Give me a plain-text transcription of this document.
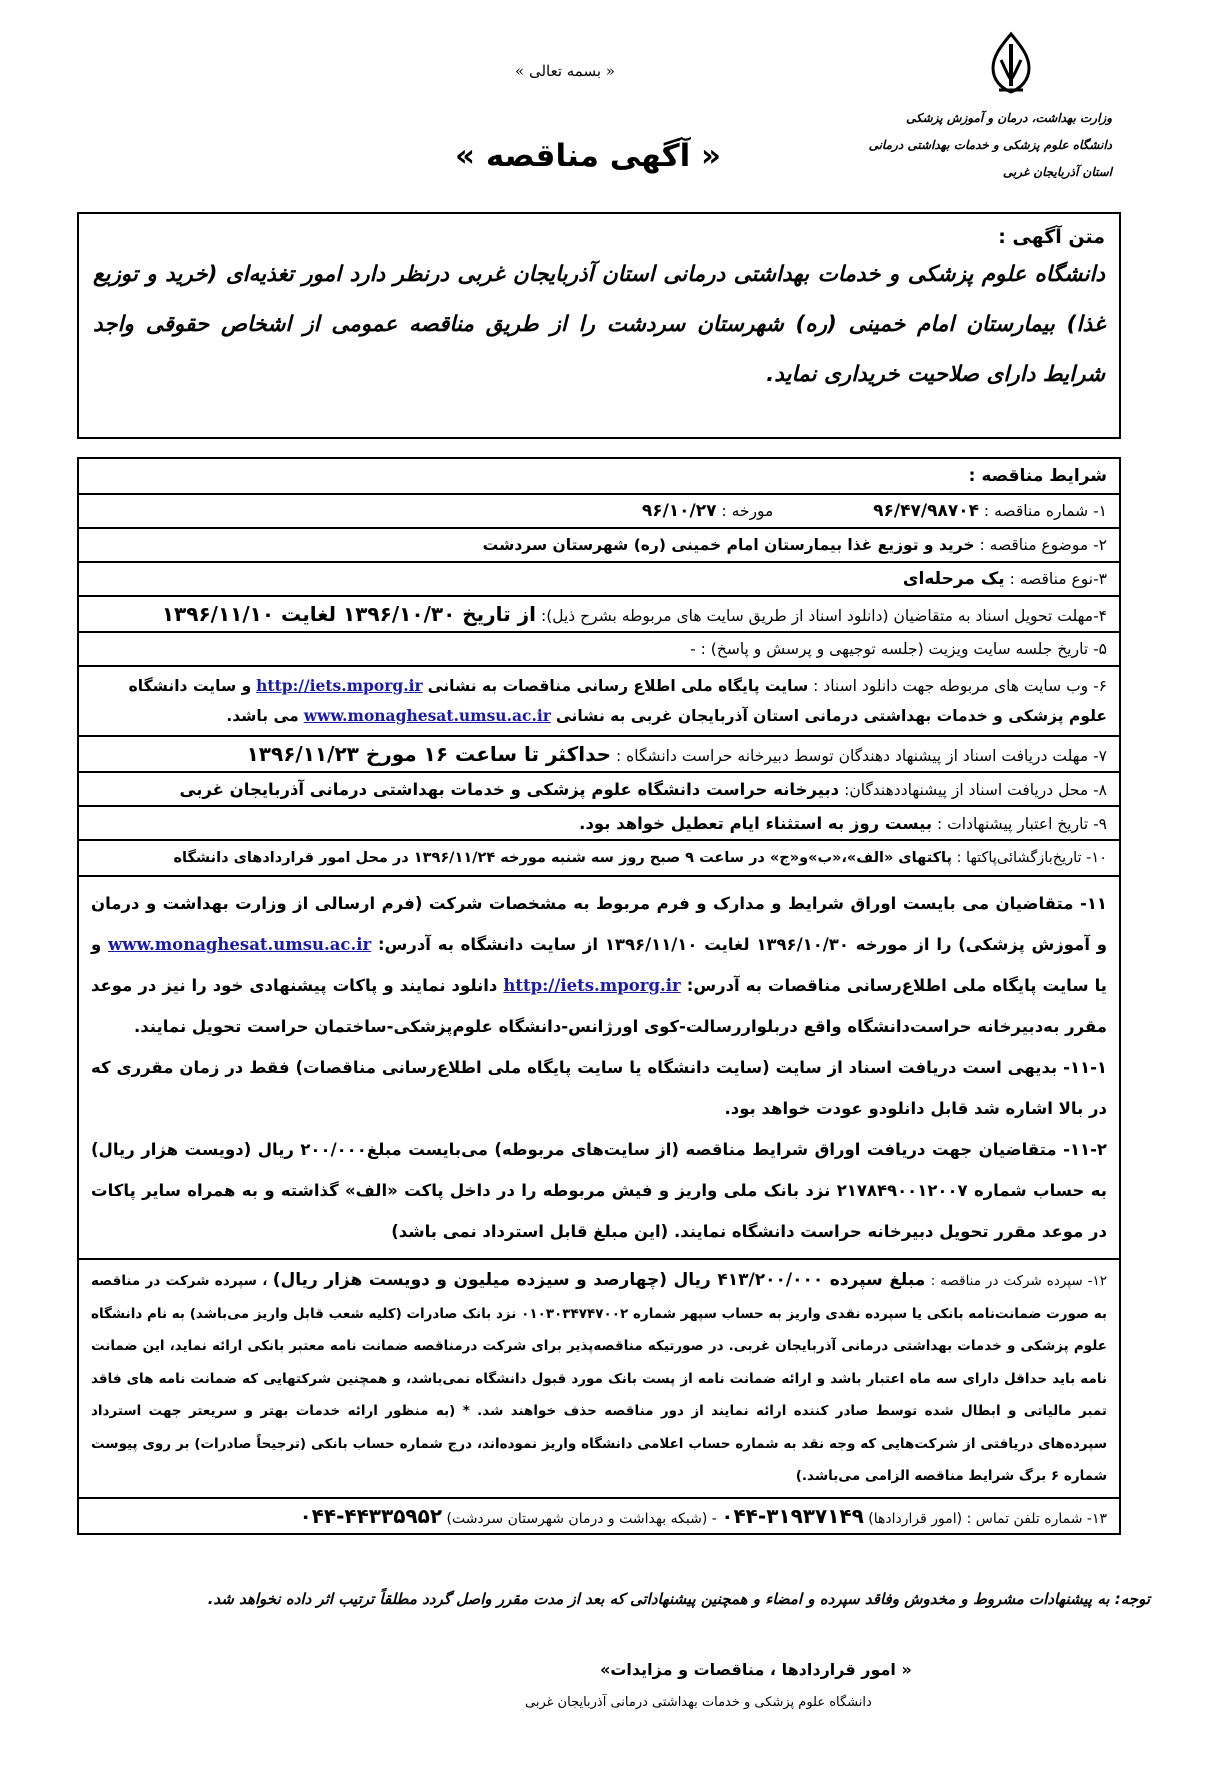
« بسمه تعالی »
وزارت بهداشت، درمان و آموزش پزشکی
دانشگاه علوم پزشکی و خدمات بهداشتی درمانی
استان آذربایجان غربی
« آگهی مناقصه »
متن آگهی :
دانشگاه علوم پزشکی و خدمات بهداشتی درمانی استان آذربایجان غربی درنظر دارد امور تغذیه‌ای (خرید و توزیع غذا) بیمارستان امام خمینی (ره) شهرستان سردشت را از طریق مناقصه عمومی از اشخاص حقوقی واجد شرایط دارای صلاحیت خریداری نماید.
شرایط مناقصه :
۱- شماره مناقصه : ۹۶/۴۷/۹۸۷۰۴  مورخه : ۹۶/۱۰/۲۷
۲- موضوع مناقصه : خرید و توزیع غذا بیمارستان امام خمینی (ره) شهرستان سردشت
۳-نوع مناقصه : یک مرحله‌ای
۴-مهلت تحویل اسناد به متقاضیان (دانلود اسناد از طریق سایت های مربوطه بشرح ذیل): از تاریخ ۱۳۹۶/۱۰/۳۰ لغایت ۱۳۹۶/۱۱/۱۰
۵- تاریخ جلسه سایت ویزیت (جلسه توجیهی و پرسش و پاسخ) : -
۶- وب سایت های مربوطه جهت دانلود اسناد : سایت پایگاه ملی اطلاع رسانی مناقصات به نشانی http://iets.mporg.ir و سایت دانشگاه علوم پزشکی و خدمات بهداشتی درمانی استان آذربایجان غربی به نشانی www.monaghesat.umsu.ac.ir می باشد.
۷- مهلت دریافت اسناد از پیشنهاد دهندگان توسط دبیرخانه حراست دانشگاه : حداکثر تا ساعت ۱۶ مورخ ۱۳۹۶/۱۱/۲۳
۸- محل دریافت اسناد از پیشنهاددهندگان: دبیرخانه حراست دانشگاه علوم پزشکی و خدمات بهداشتی درمانی آذربایجان غربی
۹- تاریخ اعتبار پیشنهادات : بیست روز به استثناء ایام تعطیل خواهد بود.
۱۰- تاریخ‌بازگشائی‌پاکتها : پاکتهای «الف»،«ب»و«ج» در ساعت ۹ صبح روز سه شنبه مورخه ۱۳۹۶/۱۱/۲۴ در محل امور قراردادهای دانشگاه

۱۱- متقاضیان می بایست اوراق شرایط و مدارک و فرم مربوط به مشخصات شرکت (فرم ارسالی از وزارت بهداشت و درمان و آموزش پزشکی) را از مورخه ۱۳۹۶/۱۰/۳۰ لغایت ۱۳۹۶/۱۱/۱۰ از سایت دانشگاه به آدرس: www.monaghesat.umsu.ac.ir و یا سایت پایگاه ملی اطلاع‌رسانی مناقصات به آدرس: http://iets.mporg.ir دانلود نمایند و پاکات پیشنهادی خود را نیز در موعد مقرر به‌دبیرخانه حراست‌دانشگاه واقع دربلواررسالت-کوی اورژانس-دانشگاه علوم‌پزشکی-ساختمان حراست تحویل نمایند.
۱۱-۱- بدیهی است دریافت اسناد از سایت (سایت دانشگاه یا سایت پایگاه ملی اطلاع‌رسانی مناقصات) فقط در زمان مقرری که در بالا اشاره شد قابل دانلودو عودت خواهد بود.
۱۱-۲- متقاضیان جهت دریافت اوراق شرایط مناقصه (از سایت‌های مربوطه) می‌بایست مبلغ۲۰۰/۰۰۰ ریال (دویست هزار ریال) به حساب شماره ۲۱۷۸۴۹۰۰۱۲۰۰۷ نزد بانک ملی واریز و فیش مربوطه را در داخل پاکت «الف» گذاشته و به همراه سایر پاکات در موعد مقرر تحویل دبیرخانه حراست دانشگاه نمایند. (این مبلغ قابل استرداد نمی باشد)

۱۲- سپرده شرکت در مناقصه : مبلغ سپرده ۴۱۳/۲۰۰/۰۰۰ ریال (چهارصد و سیزده میلیون و دویست هزار ریال) ، سپرده شرکت در مناقصه به صورت ضمانت‌نامه بانکی یا سپرده نقدی واریز به حساب سپهر شماره ۰۱۰۳۰۳۴۷۴۷۰۰۲ نزد بانک صادرات (کلیه شعب قابل واریز می‌باشد) به نام دانشگاه علوم پزشکی و خدمات بهداشتی درمانی آذربایجان غربی. در صورتیکه مناقصه‌پذیر برای شرکت درمناقصه ضمانت نامه معتبر بانکی ارائه نماید، این ضمانت نامه باید حداقل دارای سه ماه اعتبار باشد و ارائه ضمانت نامه از پست بانک مورد قبول دانشگاه نمی‌باشد، و همچنین شرکتهایی که ضمانت نامه های فاقد تمبر مالیاتی و ابطال شده توسط صادر کننده ارائه نمایند از دور مناقصه حذف خواهند شد. * (به منظور ارائه خدمات بهتر و سریعتر جهت استرداد سپرده‌های دریافتی از شرکت‌هایی که وجه نقد به شماره حساب اعلامی دانشگاه واریز نموده‌اند، درج شماره حساب بانکی (ترجیحاً صادرات) بر روی پیوست شماره ۶ برگ شرایط مناقصه الزامی می‌باشد.)

۱۳- شماره تلفن تماس : (امور قراردادها) ۰۴۴-۳۱۹۳۷۱۴۹ - (شبکه بهداشت و درمان شهرستان سردشت) ۰۴۴-۴۴۳۳۵۹۵۲
توجه: به پیشنهادات مشروط و مخدوش وفاقد سپرده و امضاء و همچنین پیشنهاداتی که بعد از مدت مقرر واصل گردد مطلقاً ترتیب اثر داده نخواهد شد.
« امور قراردادها ، مناقصات و مزایدات»
دانشگاه علوم پزشکی و خدمات بهداشتی درمانی آذربایجان غربی
